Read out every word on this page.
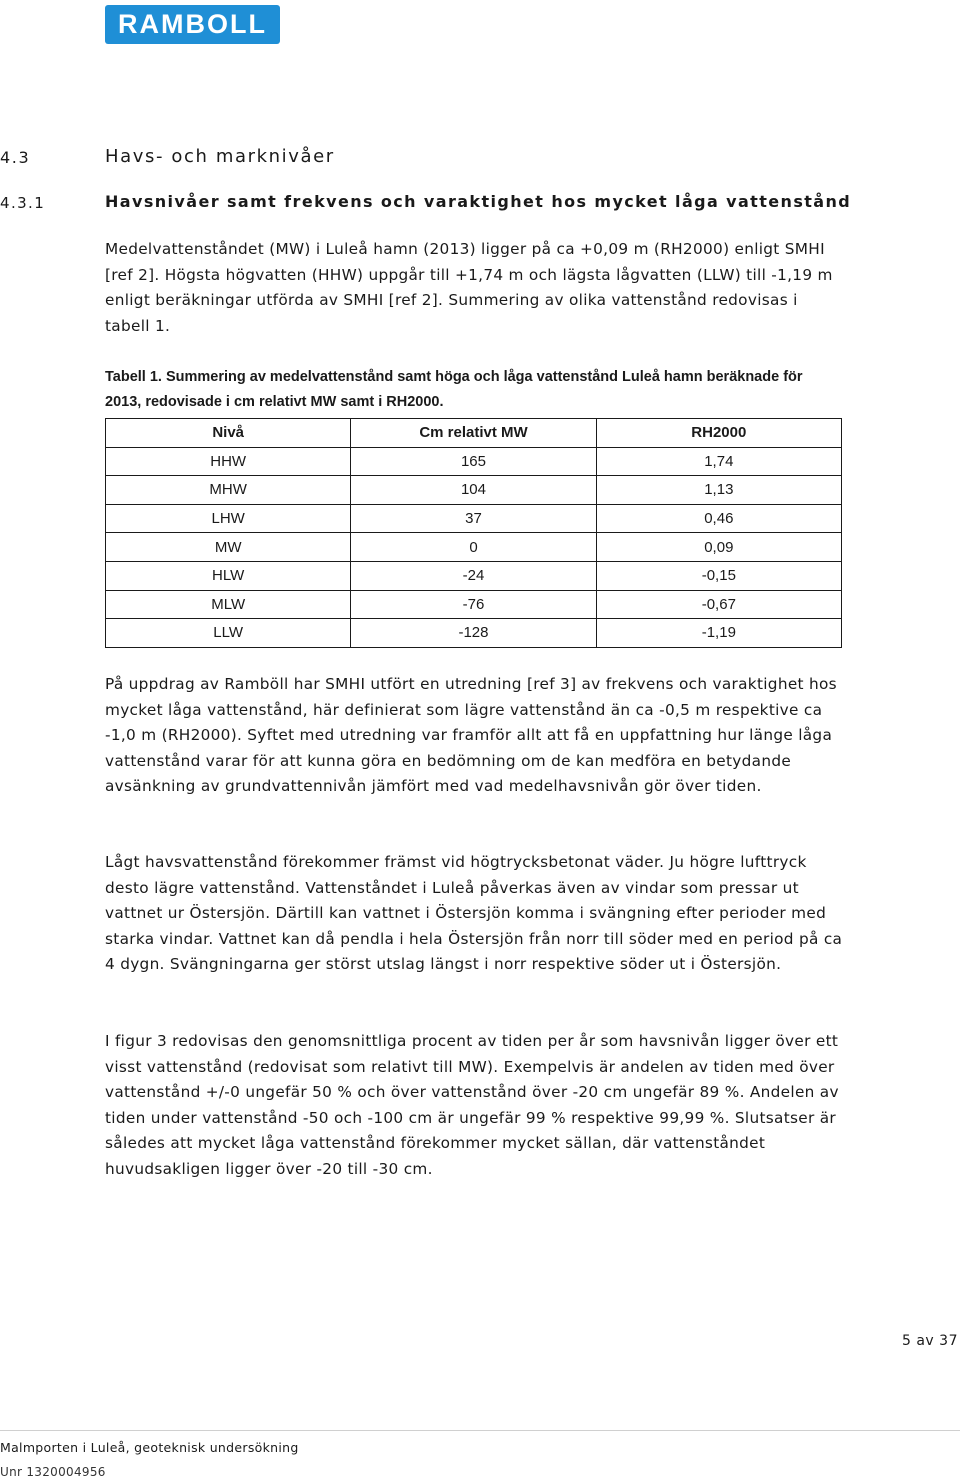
RAMBOLL
4.3	Havs- och marknivåer
4.3.1	Havsnivåer samt frekvens och varaktighet hos mycket låga vattenstånd

Medelvattenståndet (MW) i Luleå hamn (2013) ligger på ca +0,09 m (RH2000) enligt SMHI [ref 2]. Högsta högvatten (HHW) uppgår till +1,74 m och lägsta lågvatten (LLW) till -1,19 m enligt beräkningar utförda av SMHI [ref 2]. Summering av olika vattenstånd redovisas i tabell 1.

Tabell 1. Summering av medelvattenstånd samt höga och låga vattenstånd Luleå hamn beräknade för 2013, redovisade i cm relativt MW samt i RH2000.

Nivå	Cm relativt MW	RH2000
HHW	165	1,74
MHW	104	1,13
LHW	37	0,46
MW	0	0,09
HLW	-24	-0,15
MLW	-76	-0,67
LLW	-128	-1,19

På uppdrag av Ramböll har SMHI utfört en utredning [ref 3] av frekvens och varaktighet hos mycket låga vattenstånd, här definierat som lägre vattenstånd än ca -0,5 m respektive ca -1,0 m (RH2000). Syftet med utredning var framför allt att få en uppfattning hur länge låga vattenstånd varar för att kunna göra en bedömning om de kan medföra en betydande avsänkning av grundvattennivån jämfört med vad medelhavsnivån gör över tiden.

Lågt havsvattenstånd förekommer främst vid högtrycksbetonat väder. Ju högre lufttryck desto lägre vattenstånd. Vattenståndet i Luleå påverkas även av vindar som pressar ut vattnet ur Östersjön. Därtill kan vattnet i Östersjön komma i svängning efter perioder med starka vindar. Vattnet kan då pendla i hela Östersjön från norr till söder med en period på ca 4 dygn. Svängningarna ger störst utslag längst i norr respektive söder ut i Östersjön.

I figur 3 redovisas den genomsnittliga procent av tiden per år som havsnivån ligger över ett visst vattenstånd (redovisat som relativt till MW). Exempelvis är andelen av tiden med över vattenstånd +/-0 ungefär 50 % och över vattenstånd över -20 cm ungefär 89 %. Andelen av tiden under vattenstånd -50 och -100 cm är ungefär 99 % respektive 99,99 %. Slutsatser är således att mycket låga vattenstånd förekommer mycket sällan, där vattenståndet huvudsakligen ligger över -20 till -30 cm.

5 av 37
Malmporten i Luleå, geoteknisk undersökning
Unr 1320004956
